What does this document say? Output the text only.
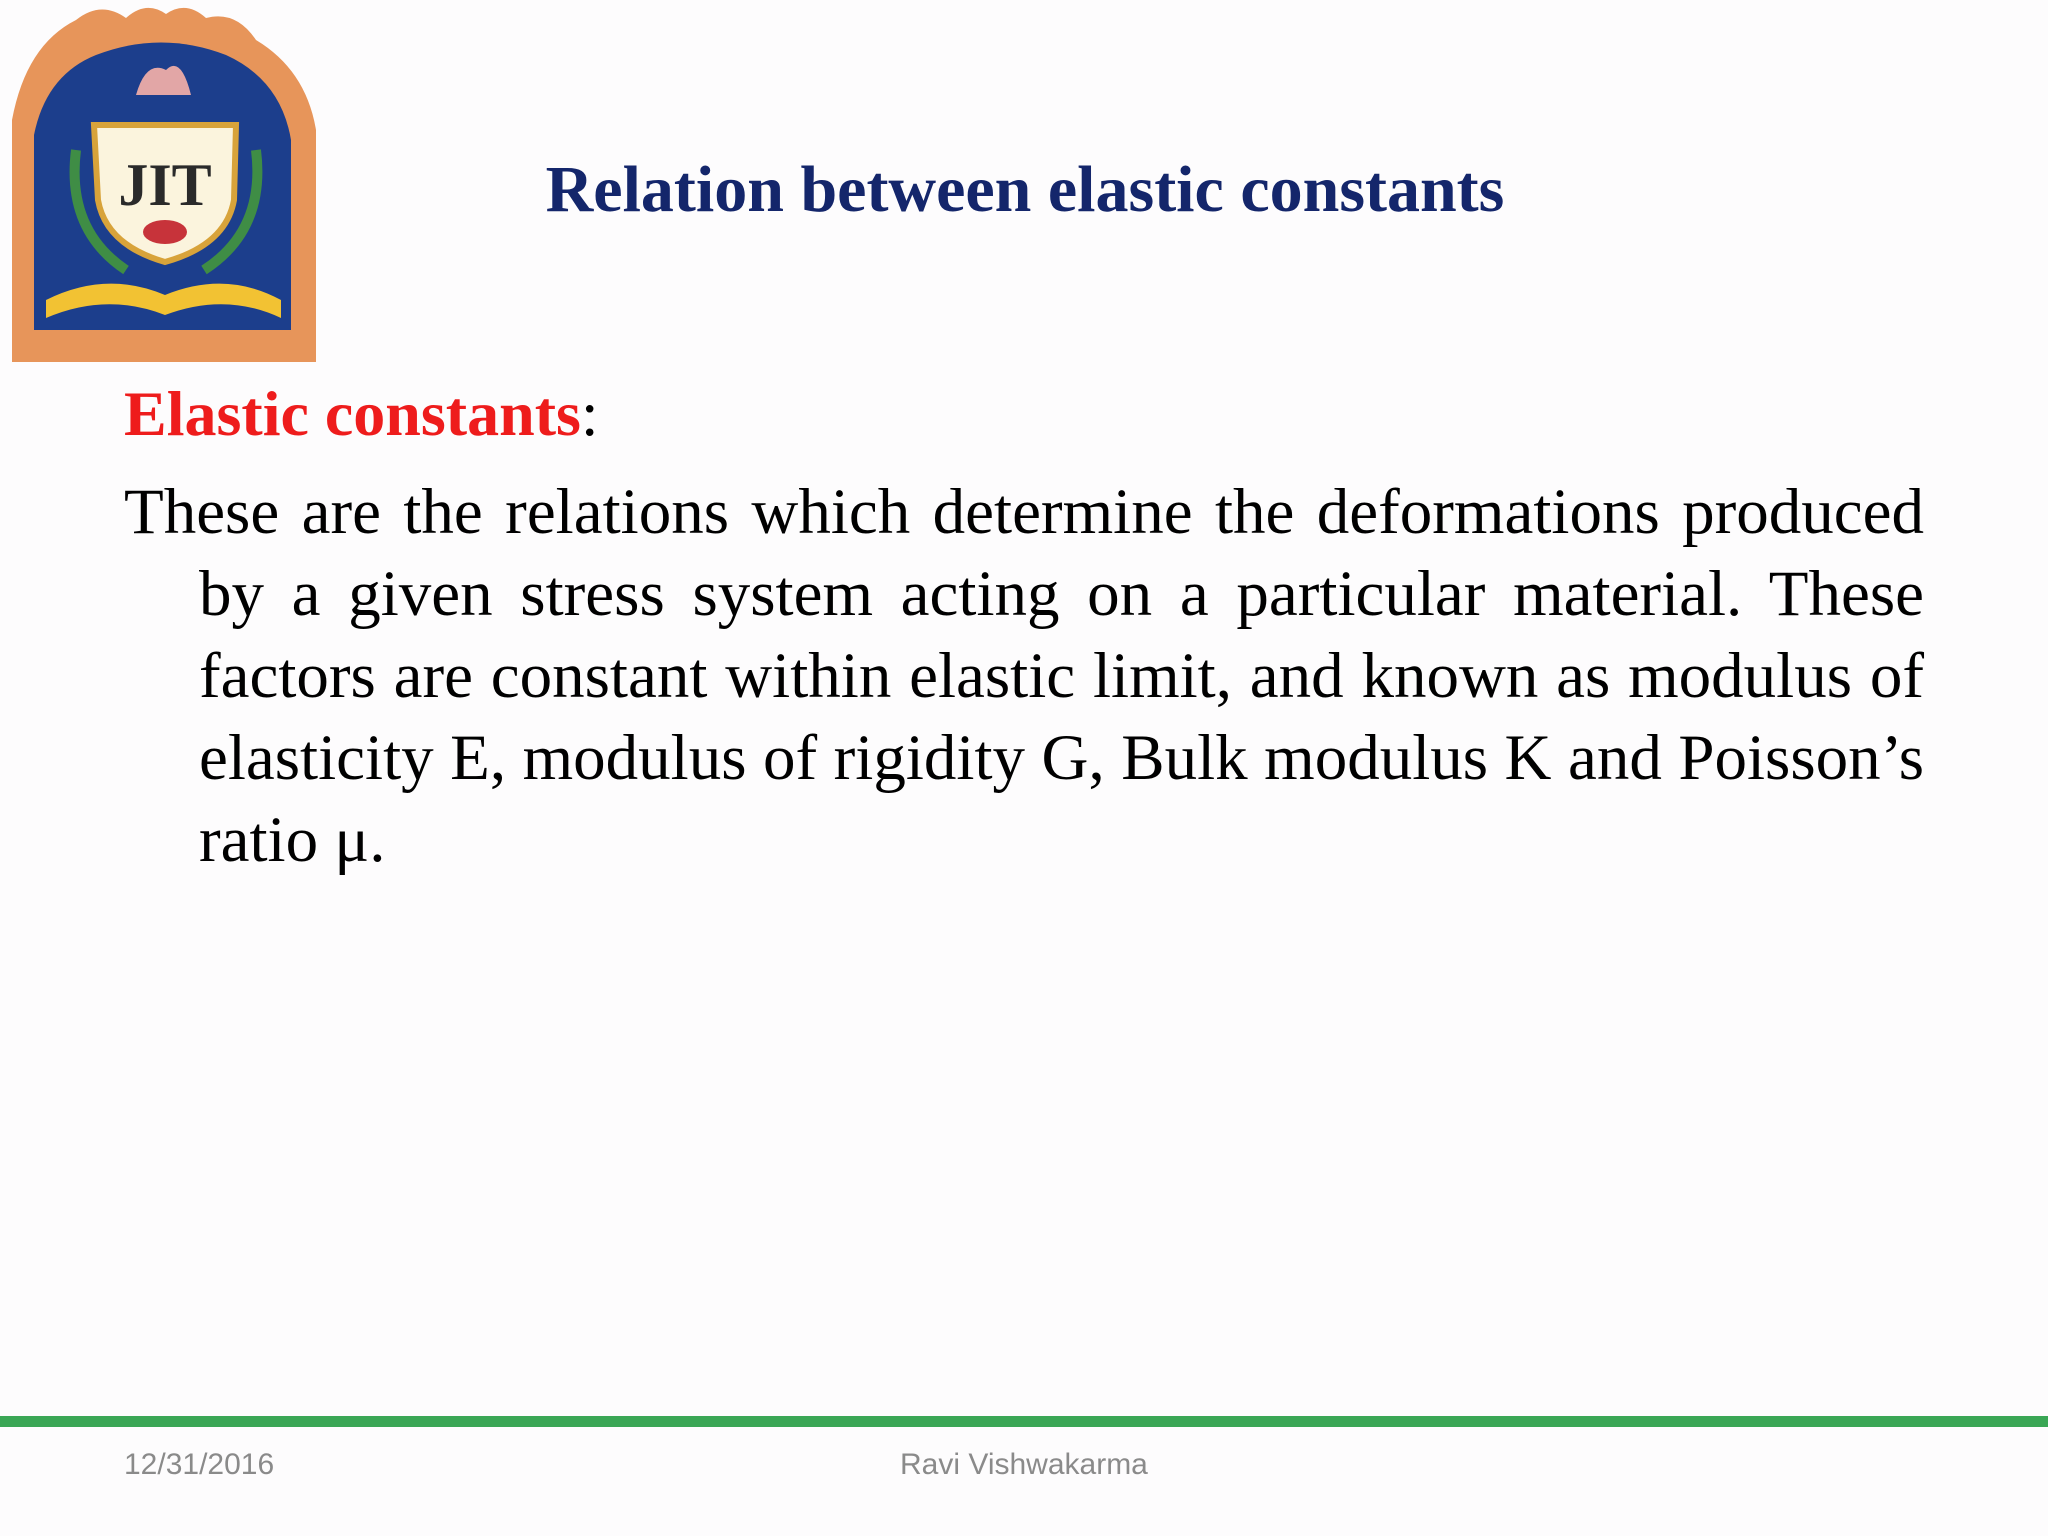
JIT	Relation between elastic constants

Elastic constants:

These are the relations which determine the deformations produced by a given stress system acting on a particular material. These factors are constant within elastic limit, and known as modulus of elasticity E, modulus of rigidity G, Bulk modulus K and Poisson’s ratio μ.

12/31/2016	Ravi Vishwakarma
